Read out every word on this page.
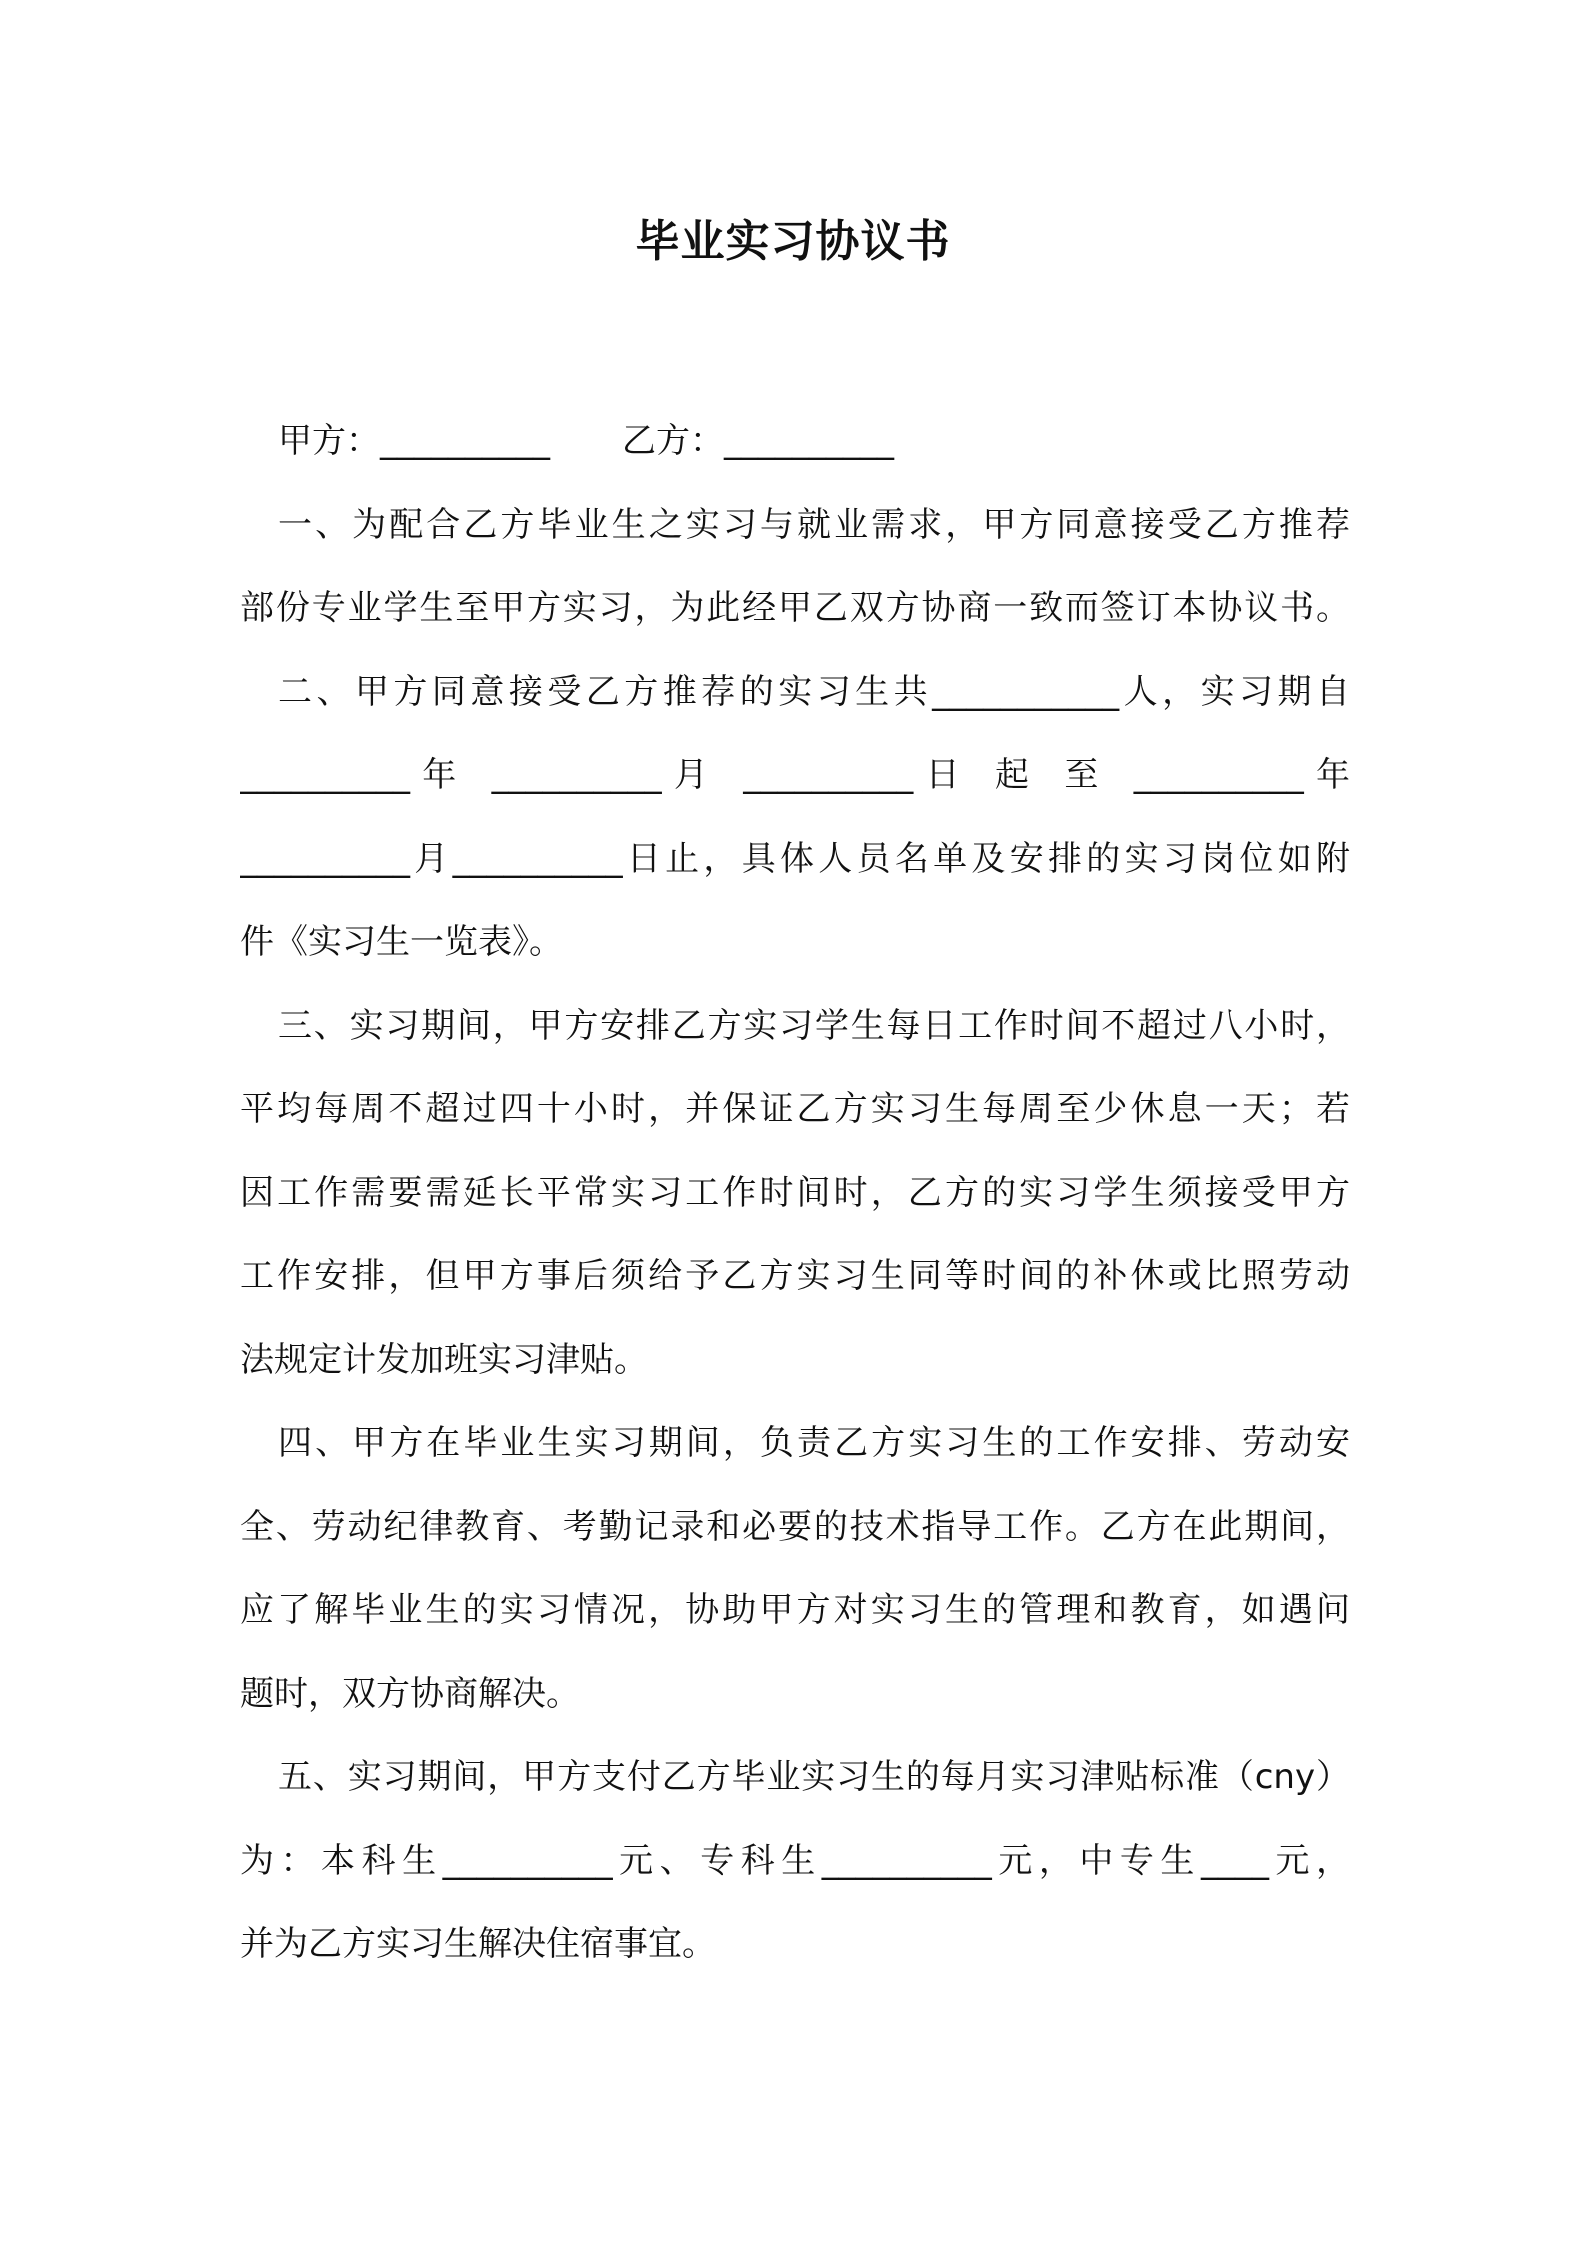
毕业实习协议书
甲方：__________ 乙方：__________
一、为配合乙方毕业生之实习与就业需求，甲方同意接受乙方推荐
部份专业学生至甲方实习，为此经甲乙双方协商一致而签订本协议书。
二、甲方同意接受乙方推荐的实习生共___________人，实习期自
__________年 __________月 __________日 起 至 __________年
__________月__________日止，具体人员名单及安排的实习岗位如附
件《实习生一览表》。
三、实习期间，甲方安排乙方实习学生每日工作时间不超过八小时，
平均每周不超过四十小时，并保证乙方实习生每周至少休息一天；若
因工作需要需延长平常实习工作时间时，乙方的实习学生须接受甲方
工作安排，但甲方事后须给予乙方实习生同等时间的补休或比照劳动
法规定计发加班实习津贴。
四、甲方在毕业生实习期间，负责乙方实习生的工作安排、劳动安
全、劳动纪律教育、考勤记录和必要的技术指导工作。乙方在此期间，
应了解毕业生的实习情况，协助甲方对实习生的管理和教育，如遇问
题时，双方协商解决。
五、实习期间，甲方支付乙方毕业实习生的每月实习津贴标准（cny）
为：本科生__________元、专科生__________元，中专生____元，
并为乙方实习生解决住宿事宜。
